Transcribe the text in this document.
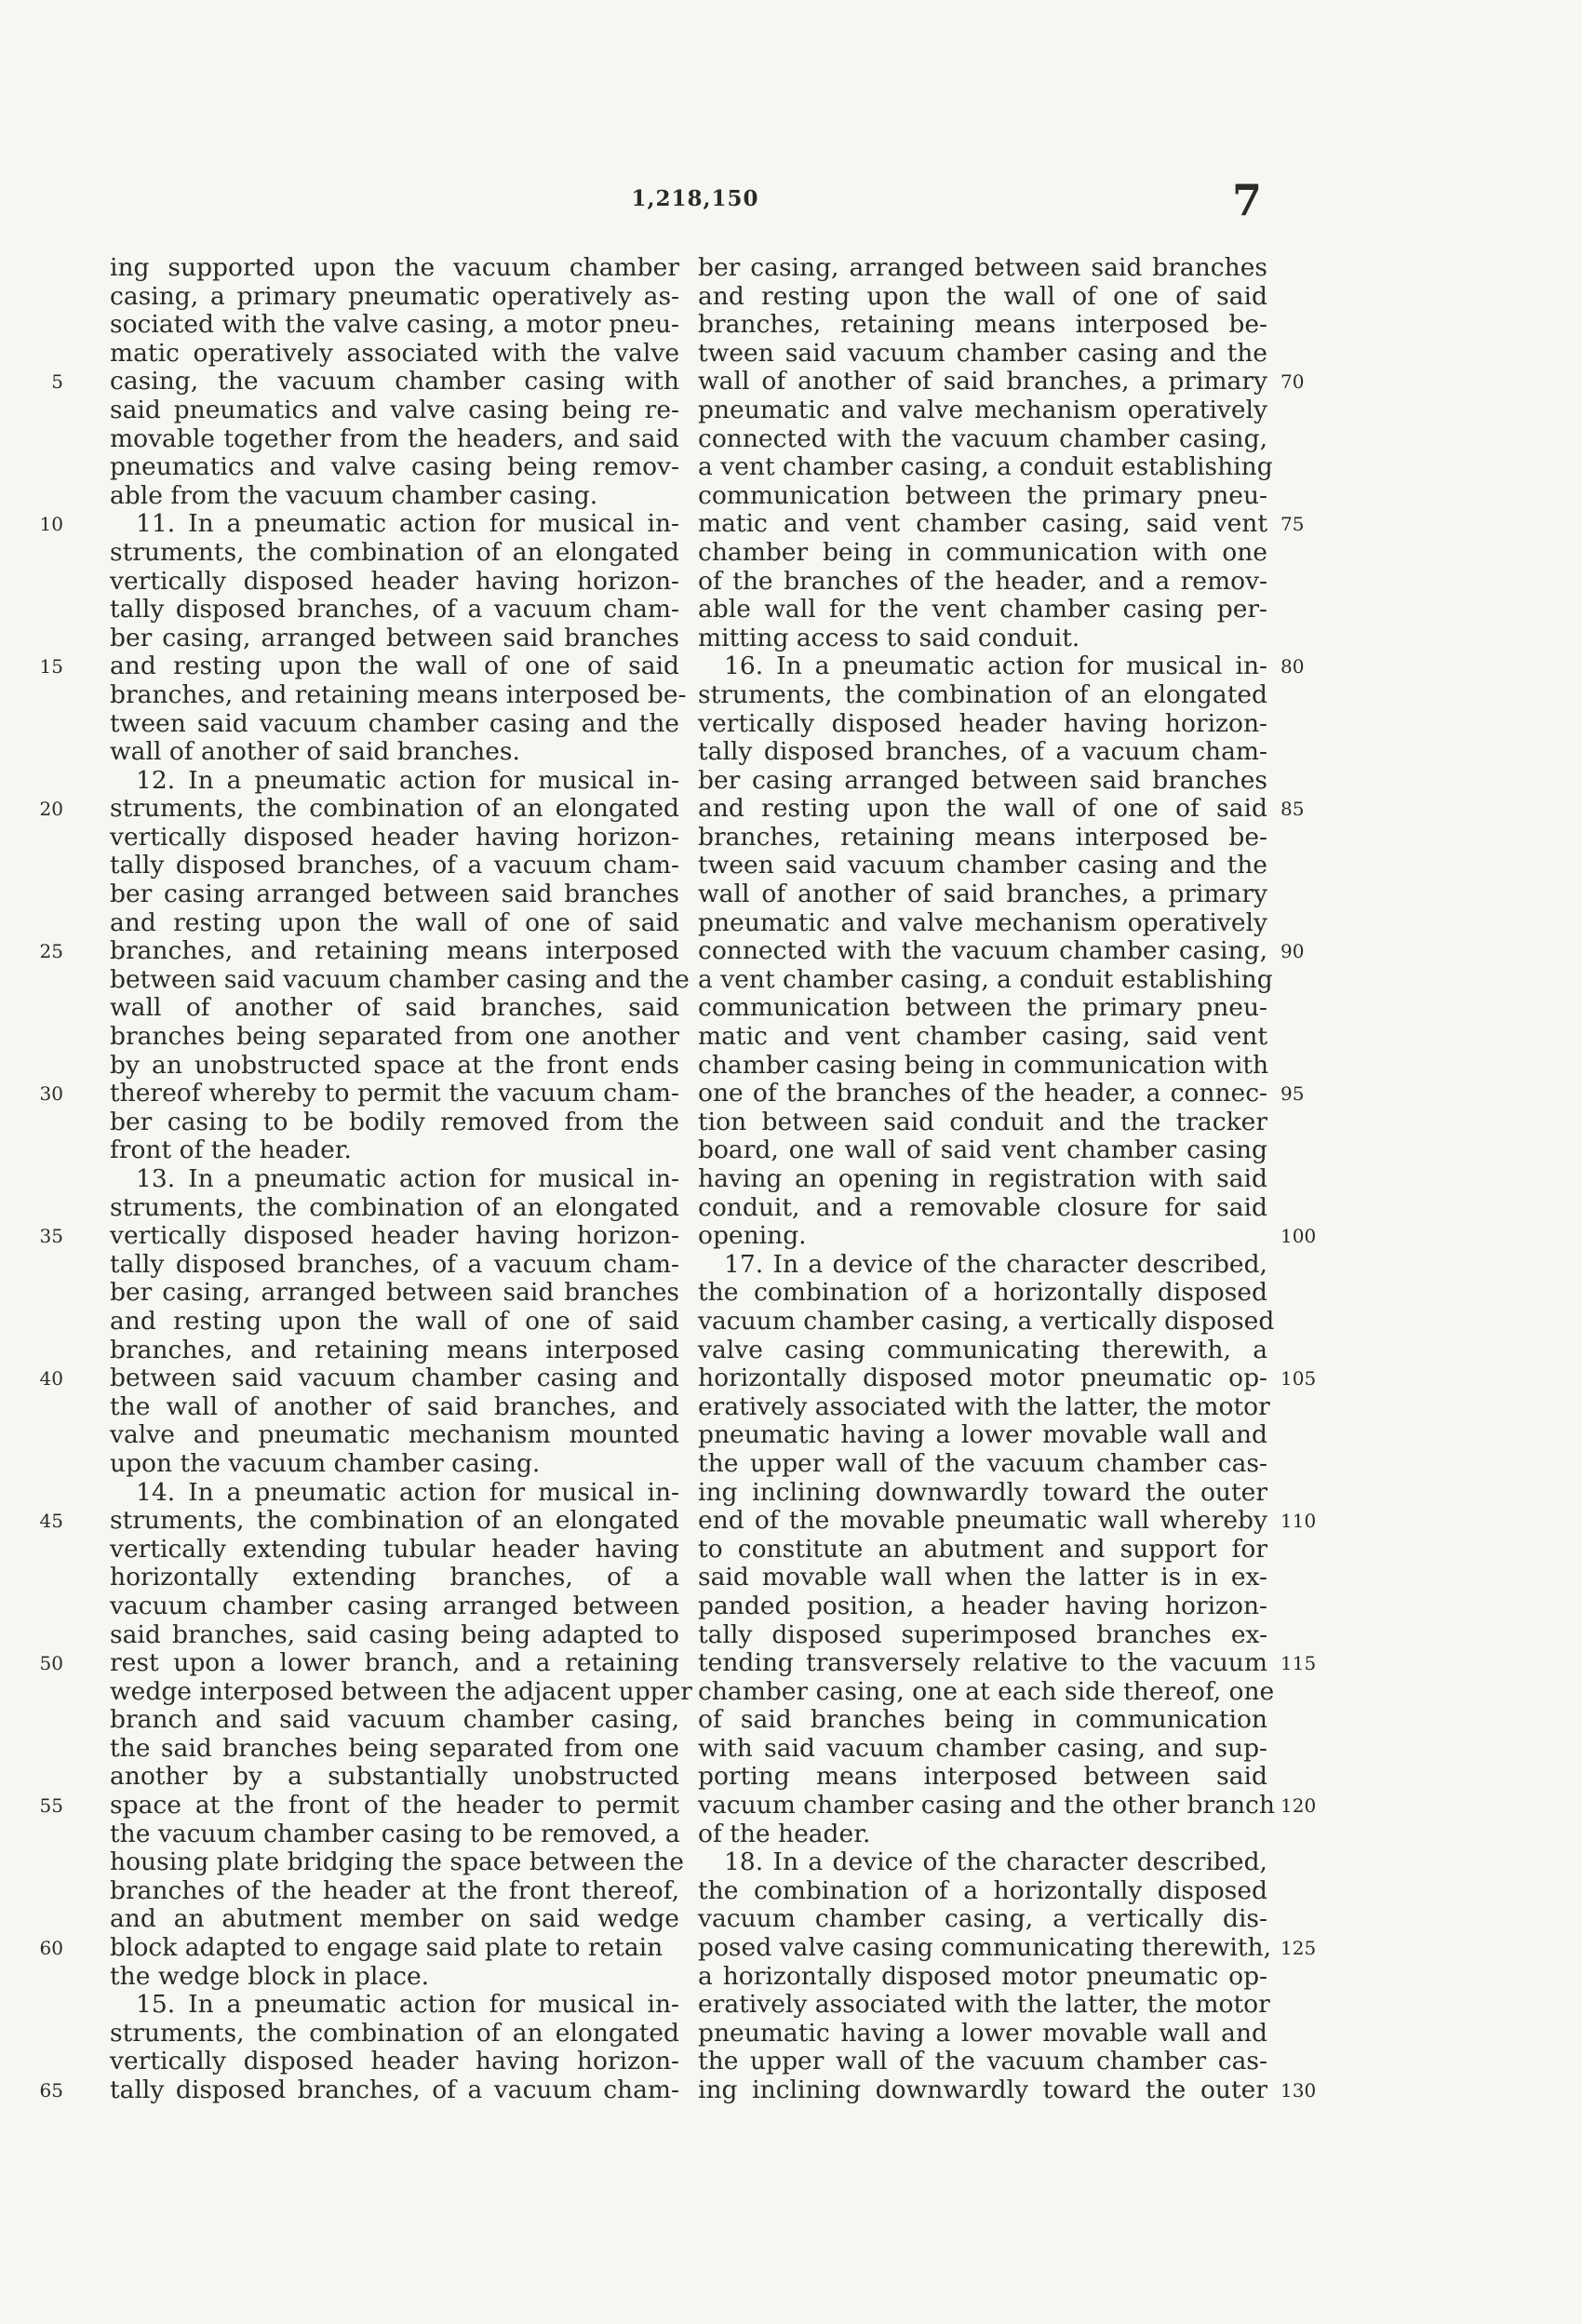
1,218,150	7
5
10
15
20
25
30
35
40
45
50
55
60
65
ing supported upon the vacuum chamber
casing, a primary pneumatic operatively as-
sociated with the valve casing, a motor pneu-
matic operatively associated with the valve
casing, the vacuum chamber casing with
said pneumatics and valve casing being re-
movable together from the headers, and said
pneumatics and valve casing being remov-
able from the vacuum chamber casing.
11. In a pneumatic action for musical in-
struments, the combination of an elongated
vertically disposed header having horizon-
tally disposed branches, of a vacuum cham-
ber casing, arranged between said branches
and resting upon the wall of one of said
branches, and retaining means interposed be-
tween said vacuum chamber casing and the
wall of another of said branches.
12. In a pneumatic action for musical in-
struments, the combination of an elongated
vertically disposed header having horizon-
tally disposed branches, of a vacuum cham-
ber casing arranged between said branches
and resting upon the wall of one of said
branches, and retaining means interposed
between said vacuum chamber casing and the
wall of another of said branches, said
branches being separated from one another
by an unobstructed space at the front ends
thereof whereby to permit the vacuum cham-
ber casing to be bodily removed from the
front of the header.
13. In a pneumatic action for musical in-
struments, the combination of an elongated
vertically disposed header having horizon-
tally disposed branches, of a vacuum cham-
ber casing, arranged between said branches
and resting upon the wall of one of said
branches, and retaining means interposed
between said vacuum chamber casing and
the wall of another of said branches, and
valve and pneumatic mechanism mounted
upon the vacuum chamber casing.
14. In a pneumatic action for musical in-
struments, the combination of an elongated
vertically extending tubular header having
horizontally extending branches, of a
vacuum chamber casing arranged between
said branches, said casing being adapted to
rest upon a lower branch, and a retaining
wedge interposed between the adjacent upper
branch and said vacuum chamber casing,
the said branches being separated from one
another by a substantially unobstructed
space at the front of the header to permit
the vacuum chamber casing to be removed, a
housing plate bridging the space between the
branches of the header at the front thereof,
and an abutment member on said wedge
block adapted to engage said plate to retain
the wedge block in place.
15. In a pneumatic action for musical in-
struments, the combination of an elongated
vertically disposed header having horizon-
tally disposed branches, of a vacuum cham-
ber casing, arranged between said branches
and resting upon the wall of one of said
branches, retaining means interposed be-
tween said vacuum chamber casing and the
wall of another of said branches, a primary
pneumatic and valve mechanism operatively
connected with the vacuum chamber casing,
a vent chamber casing, a conduit establishing
communication between the primary pneu-
matic and vent chamber casing, said vent
chamber being in communication with one
of the branches of the header, and a remov-
able wall for the vent chamber casing per-
mitting access to said conduit.
16. In a pneumatic action for musical in-
struments, the combination of an elongated
vertically disposed header having horizon-
tally disposed branches, of a vacuum cham-
ber casing arranged between said branches
and resting upon the wall of one of said
branches, retaining means interposed be-
tween said vacuum chamber casing and the
wall of another of said branches, a primary
pneumatic and valve mechanism operatively
connected with the vacuum chamber casing,
a vent chamber casing, a conduit establishing
communication between the primary pneu-
matic and vent chamber casing, said vent
chamber casing being in communication with
one of the branches of the header, a connec-
tion between said conduit and the tracker
board, one wall of said vent chamber casing
having an opening in registration with said
conduit, and a removable closure for said
opening.
17. In a device of the character described,
the combination of a horizontally disposed
vacuum chamber casing, a vertically disposed
valve casing communicating therewith, a
horizontally disposed motor pneumatic op-
eratively associated with the latter, the motor
pneumatic having a lower movable wall and
the upper wall of the vacuum chamber cas-
ing inclining downwardly toward the outer
end of the movable pneumatic wall whereby
to constitute an abutment and support for
said movable wall when the latter is in ex-
panded position, a header having horizon-
tally disposed superimposed branches ex-
tending transversely relative to the vacuum
chamber casing, one at each side thereof, one
of said branches being in communication
with said vacuum chamber casing, and sup-
porting means interposed between said
vacuum chamber casing and the other branch
of the header.
18. In a device of the character described,
the combination of a horizontally disposed
vacuum chamber casing, a vertically dis-
posed valve casing communicating therewith,
a horizontally disposed motor pneumatic op-
eratively associated with the latter, the motor
pneumatic having a lower movable wall and
the upper wall of the vacuum chamber cas-
ing inclining downwardly toward the outer
70
75
80
85
90
95
100
105
110
115
120
125
130
